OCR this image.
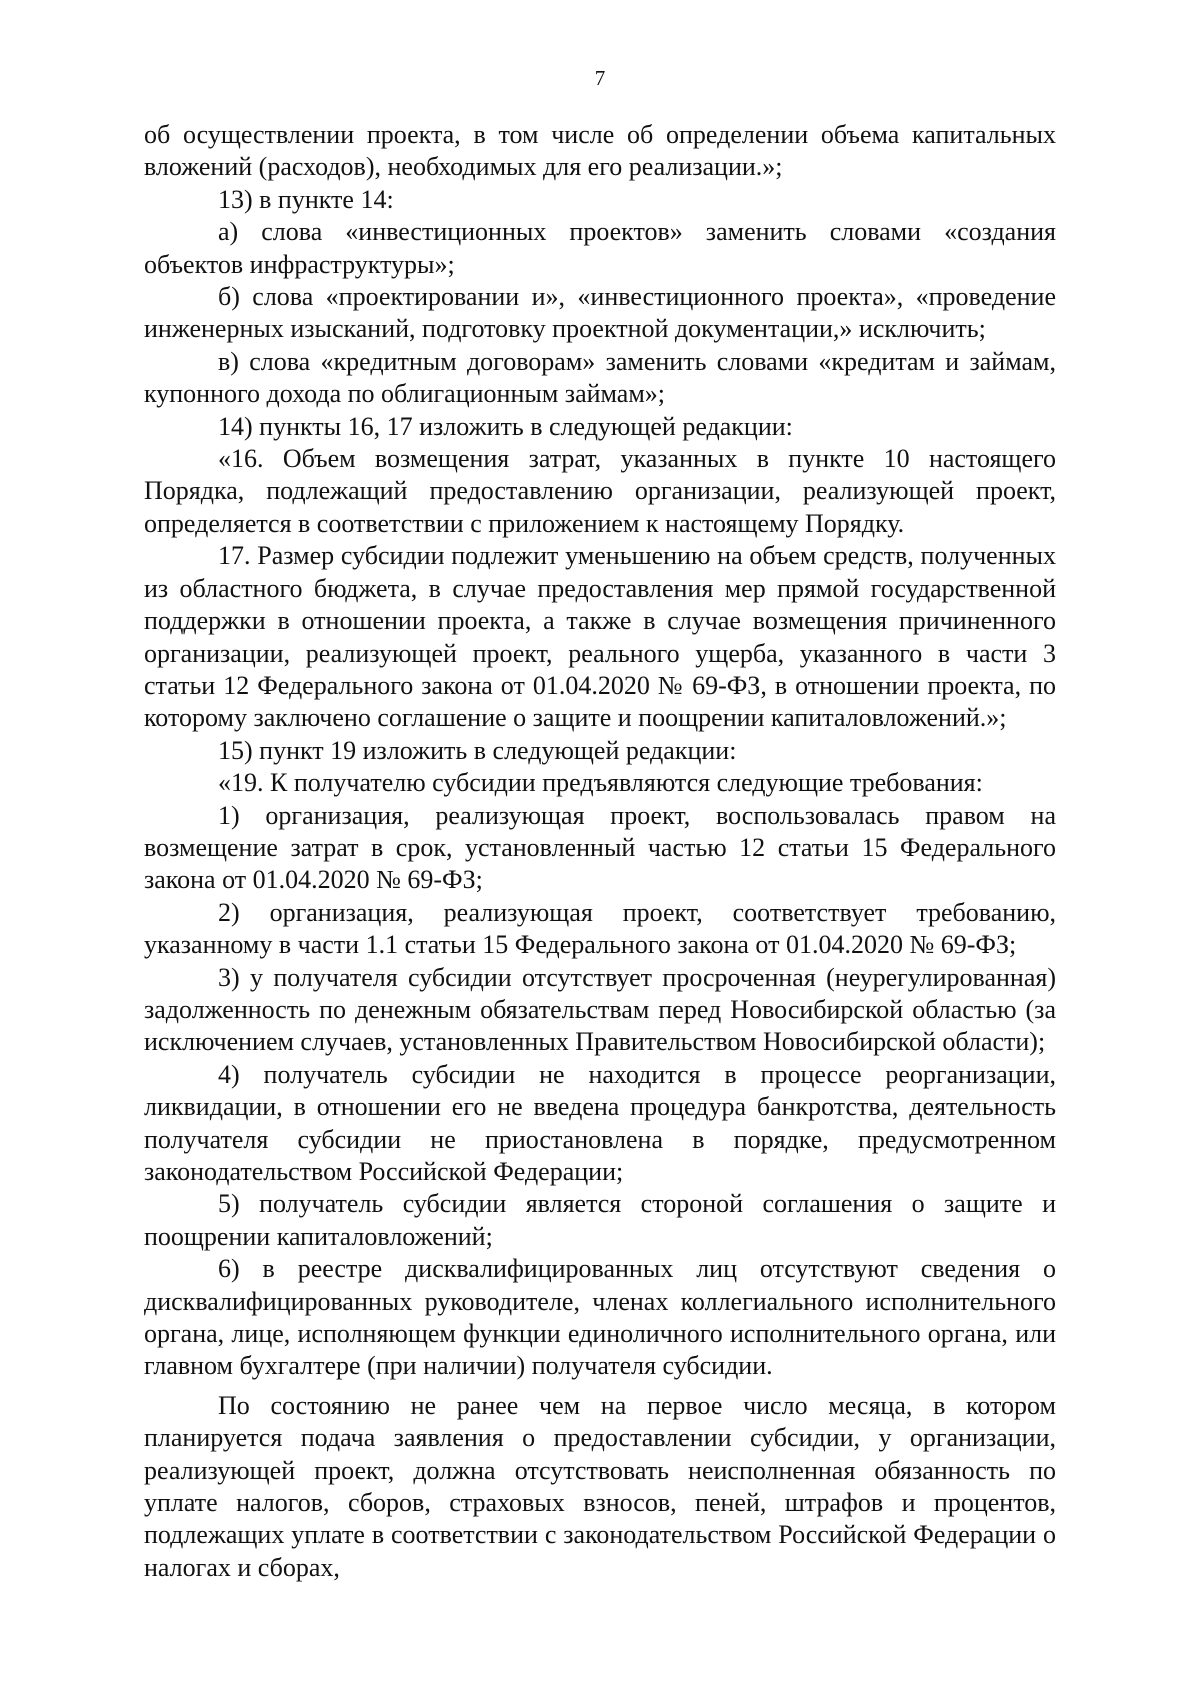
7

об осуществлении проекта, в том числе об определении объема капитальных вложений (расходов), необходимых для его реализации.»;

13) в пункте 14:

а) слова «инвестиционных проектов» заменить словами «создания объектов инфраструктуры»;

б) слова «проектировании и», «инвестиционного проекта», «проведение инженерных изысканий, подготовку проектной документации,» исключить;

в) слова «кредитным договорам» заменить словами «кредитам и займам, купонного дохода по облигационным займам»;

14) пункты 16, 17 изложить в следующей редакции:

«16. Объем возмещения затрат, указанных в пункте 10 настоящего Порядка, подлежащий предоставлению организации, реализующей проект, определяется в соответствии с приложением к настоящему Порядку.

17. Размер субсидии подлежит уменьшению на объем средств, полученных из областного бюджета, в случае предоставления мер прямой государственной поддержки в отношении проекта, а также в случае возмещения причиненного организации, реализующей проект, реального ущерба, указанного в части 3 статьи 12 Федерального закона от 01.04.2020 № 69-ФЗ, в отношении проекта, по которому заключено соглашение о защите и поощрении капиталовложений.»;

15) пункт 19 изложить в следующей редакции:

«19. К получателю субсидии предъявляются следующие требования:

1) организация, реализующая проект, воспользовалась правом на возмещение затрат в срок, установленный частью 12 статьи 15 Федерального закона от 01.04.2020 № 69-ФЗ;

2) организация, реализующая проект, соответствует требованию, указанному в части 1.1 статьи 15 Федерального закона от 01.04.2020 № 69-ФЗ;

3) у получателя субсидии отсутствует просроченная (неурегулированная) задолженность по денежным обязательствам перед Новосибирской областью (за исключением случаев, установленных Правительством Новосибирской области);

4) получатель субсидии не находится в процессе реорганизации, ликвидации, в отношении его не введена процедура банкротства, деятельность получателя субсидии не приостановлена в порядке, предусмотренном законодательством Российской Федерации;

5) получатель субсидии является стороной соглашения о защите и поощрении капиталовложений;

6) в реестре дисквалифицированных лиц отсутствуют сведения о дисквалифицированных руководителе, членах коллегиального исполнительного органа, лице, исполняющем функции единоличного исполнительного органа, или главном бухгалтере (при наличии) получателя субсидии.

По состоянию не ранее чем на первое число месяца, в котором планируется подача заявления о предоставлении субсидии, у организации, реализующей проект, должна отсутствовать неисполненная обязанность по уплате налогов, сборов, страховых взносов, пеней, штрафов и процентов, подлежащих уплате в соответствии с законодательством Российской Федерации о налогах и сборах,
